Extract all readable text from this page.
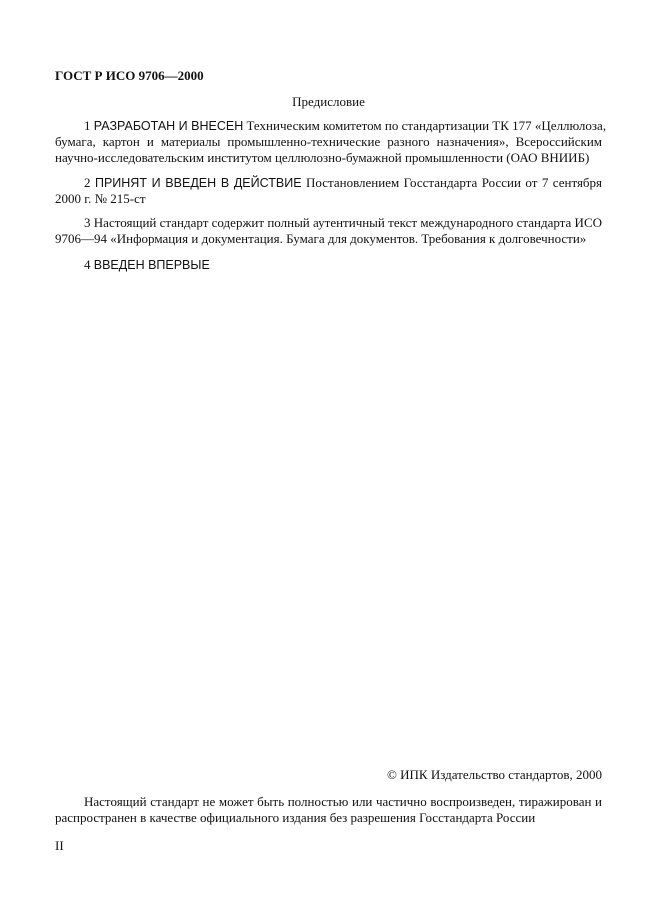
ГОСТ Р ИСО 9706—2000
Предисловие
1 РАЗРАБОТАН И ВНЕСЕН Техническим комитетом по стандартизации ТК 177 «Целлюлоза,
бумага, картон и материалы промышленно-технические разного назначения», Всероссийским
научно-исследовательским институтом целлюлозно-бумажной промышленности (ОАО ВНИИБ)
2 ПРИНЯТ И ВВЕДЕН В ДЕЙСТВИЕ Постановлением Госстандарта России от 7 сентября
2000 г. № 215-ст
3 Настоящий стандарт содержит полный аутентичный текст международного стандарта ИСО
9706—94 «Информация и документация. Бумага для документов. Требования к долговечности»
4 ВВЕДЕН ВПЕРВЫЕ
© ИПК Издательство стандартов, 2000
Настоящий стандарт не может быть полностью или частично воспроизведен, тиражирован и
распространен в качестве официального издания без разрешения Госстандарта России
II
